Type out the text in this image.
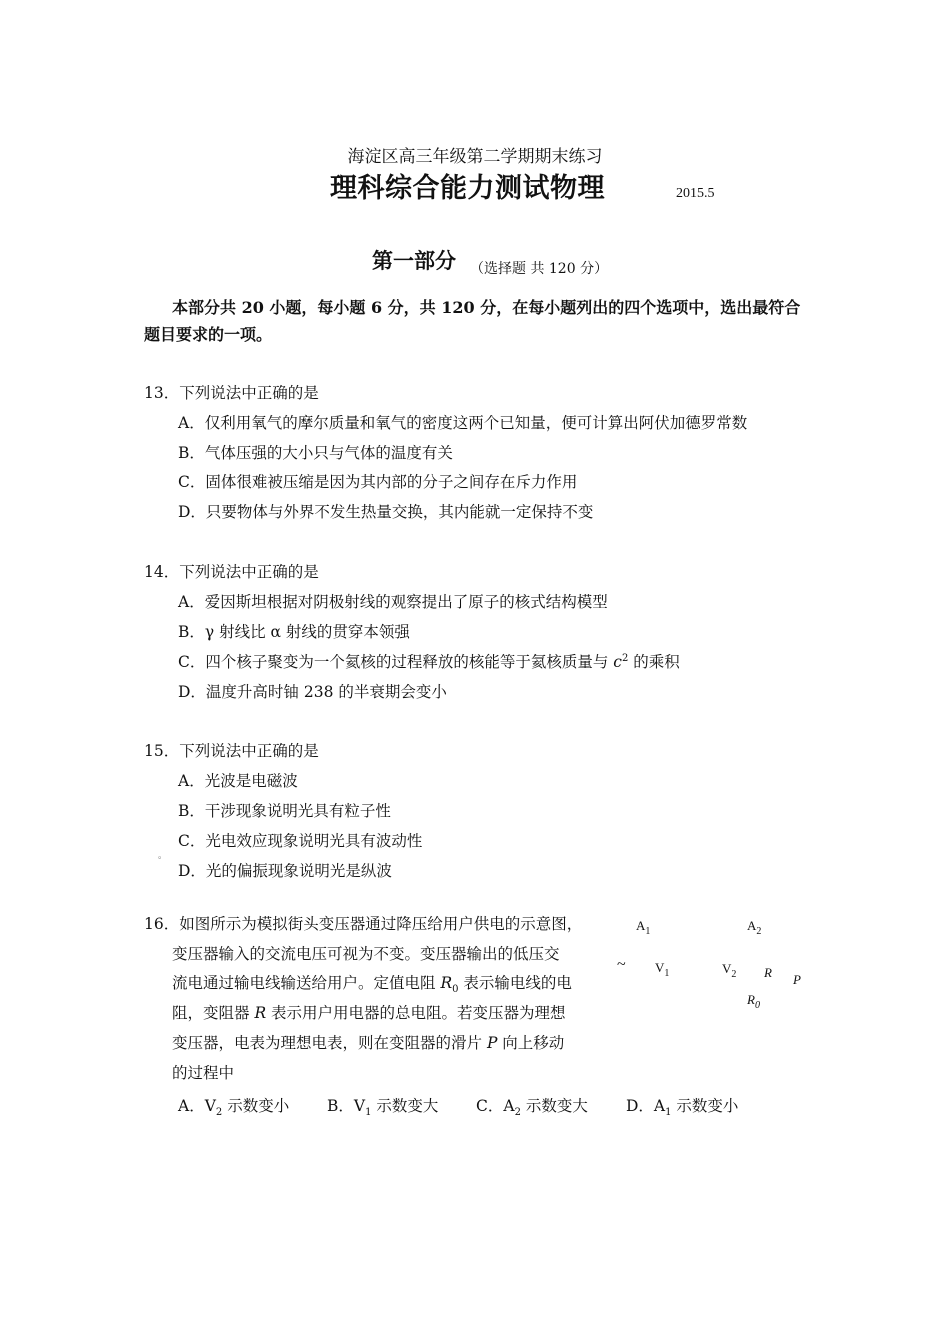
海淀区高三年级第二学期期末练习
理科综合能力测试物理	2015.5
第一部分 （选择题 共 120 分）
本部分共 20 小题，每小题 6 分，共 120 分，在每小题列出的四个选项中，选出最符合
题目要求的一项。
13．下列说法中正确的是
A．仅利用氧气的摩尔质量和氧气的密度这两个已知量，便可计算出阿伏加德罗常数
B．气体压强的大小只与气体的温度有关
C．固体很难被压缩是因为其内部的分子之间存在斥力作用
D．只要物体与外界不发生热量交换，其内能就一定保持不变
14．下列说法中正确的是
A．爱因斯坦根据对阴极射线的观察提出了原子的核式结构模型
B．γ 射线比 α 射线的贯穿本领强
C．四个核子聚变为一个氦核的过程释放的核能等于氦核质量与 $c^2$ 的乘积
D．温度升高时铀 238 的半衰期会变小
15．下列说法中正确的是
A．光波是电磁波
B．干涉现象说明光具有粒子性
C．光电效应现象说明光具有波动性
。
D．光的偏振现象说明光是纵波
16．如图所示为模拟街头变压器通过降压给用户供电的示意图，
变压器输入的交流电压可视为不变。变压器输出的低压交
流电通过输电线输送给用户。定值电阻 $R_0$ 表示输电线的电
阻，变阻器 R 表示用户用电器的总电阻。若变压器为理想
变压器，电表为理想电表，则在变阻器的滑片 P 向上移动
的过程中
A．$V_2$ 示数变小 B．$V_1$ 示数变大 C．$A_2$ 示数变大 D．$A_1$ 示数变小
$A_1$	$A_2$
~ $V_1$	$V_2$ R P
$R_0$
